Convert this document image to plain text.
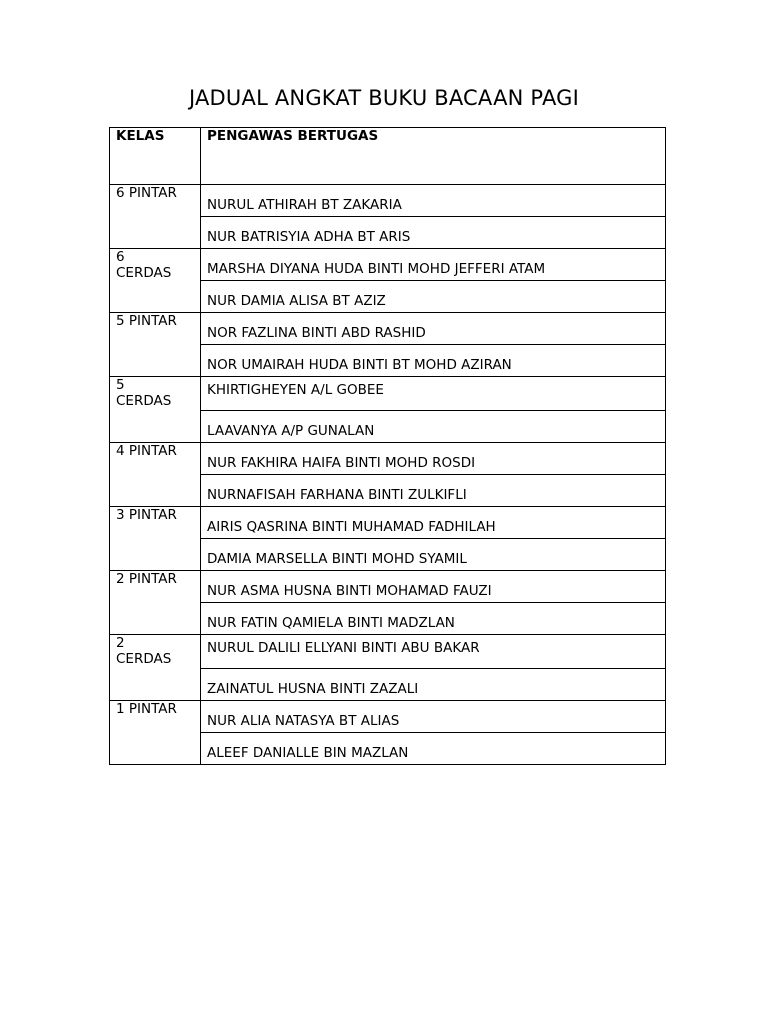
JADUAL ANGKAT BUKU BACAAN PAGI
KELAS	PENGAWAS BERTUGAS
6 PINTAR	NURUL ATHIRAH BT ZAKARIA
	NUR BATRISYIA ADHA BT ARIS
6
CERDAS	MARSHA DIYANA HUDA BINTI MOHD JEFFERI ATAM
	NUR DAMIA ALISA BT AZIZ
5 PINTAR	NOR FAZLINA BINTI ABD RASHID
	NOR UMAIRAH HUDA BINTI BT MOHD AZIRAN
5
CERDAS	KHIRTIGHEYEN A/L GOBEE
	LAAVANYA A/P GUNALAN
4 PINTAR	NUR FAKHIRA HAIFA BINTI MOHD ROSDI
	NURNAFISAH FARHANA BINTI ZULKIFLI
3 PINTAR	AIRIS QASRINA BINTI MUHAMAD FADHILAH
	DAMIA MARSELLA BINTI MOHD SYAMIL
2 PINTAR	NUR ASMA HUSNA BINTI MOHAMAD FAUZI
	NUR FATIN QAMIELA BINTI MADZLAN
2
CERDAS	NURUL DALILI ELLYANI BINTI ABU BAKAR
	ZAINATUL HUSNA BINTI ZAZALI
1 PINTAR	NUR ALIA NATASYA BT ALIAS
	ALEEF DANIALLE BIN MAZLAN
